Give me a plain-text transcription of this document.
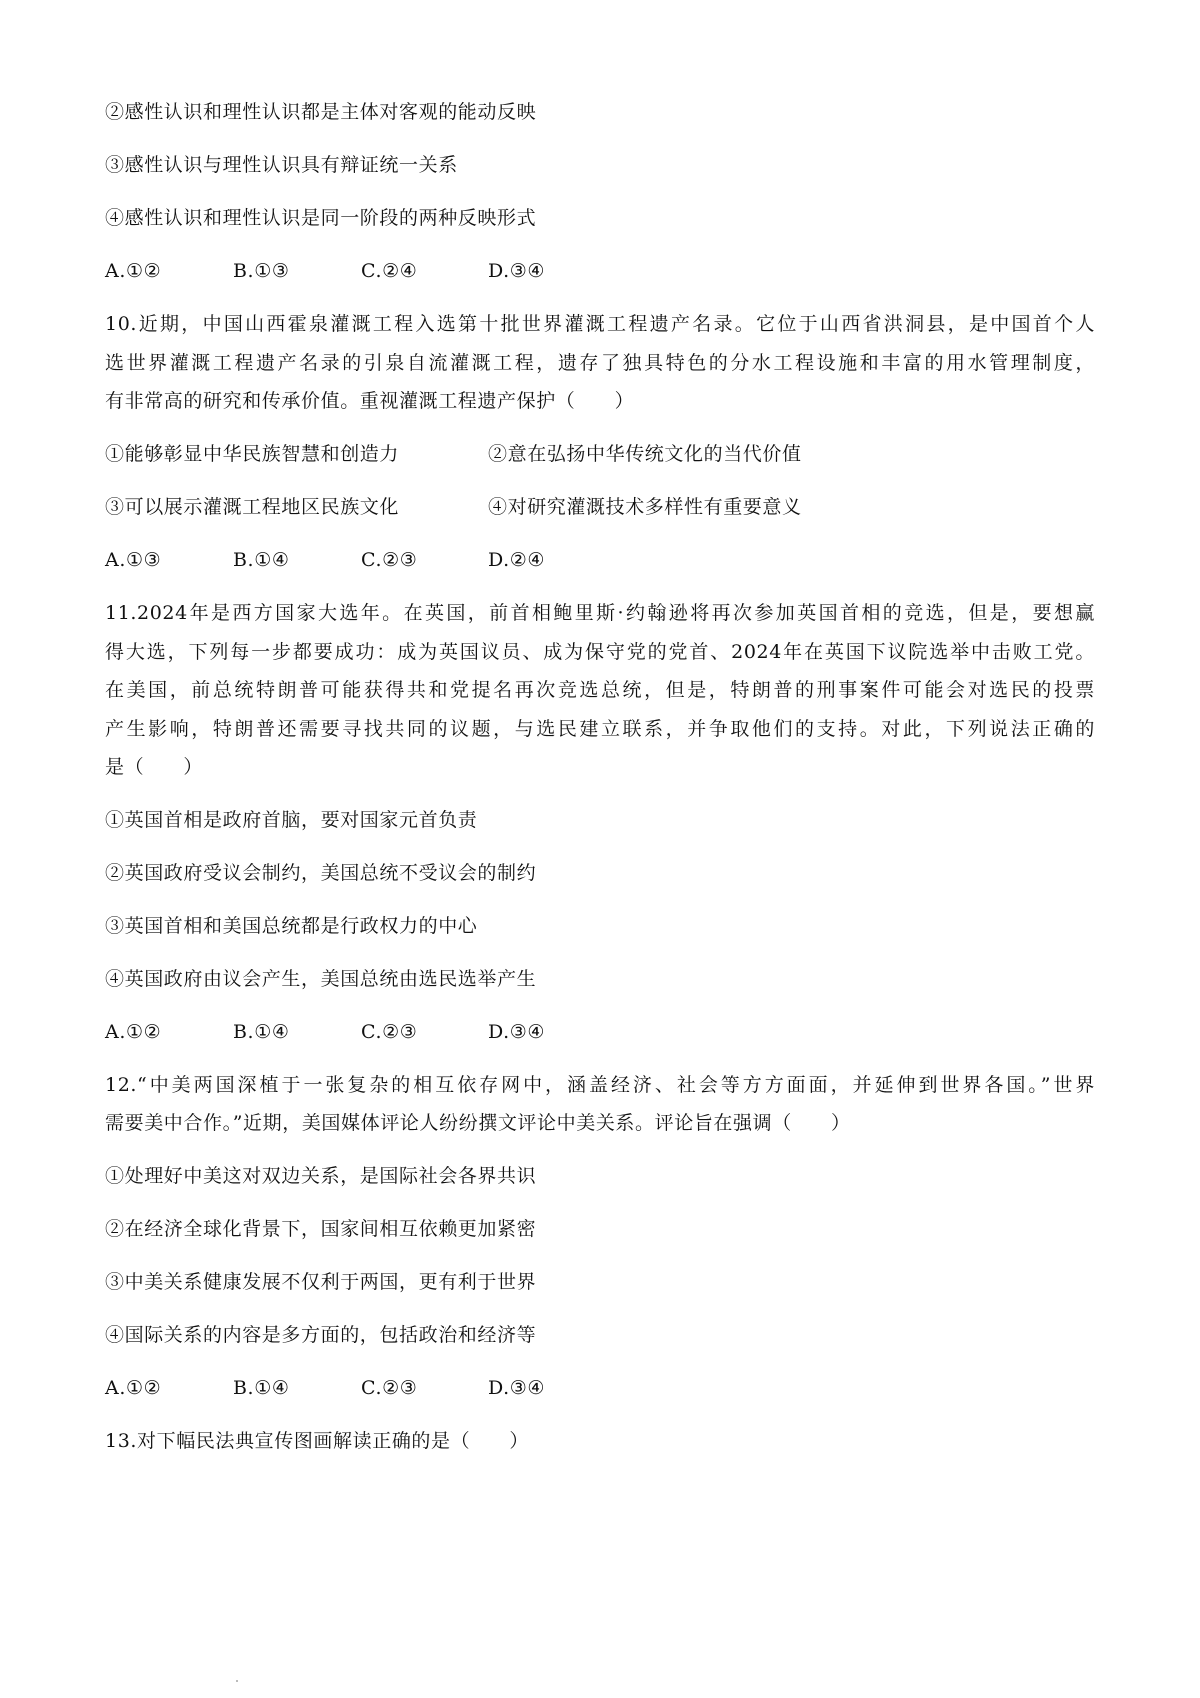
②感性认识和理性认识都是主体对客观的能动反映
③感性认识与理性认识具有辩证统一关系
④感性认识和理性认识是同一阶段的两种反映形式
A.①②	B.①③	C.②④	D.③④
10.近期，中国山西霍泉灌溉工程入选第十批世界灌溉工程遗产名录。它位于山西省洪洞县，是中国首个人
选世界灌溉工程遗产名录的引泉自流灌溉工程，遗存了独具特色的分水工程设施和丰富的用水管理制度，
有非常高的研究和传承价值。重视灌溉工程遗产保护（　　）
①能够彰显中华民族智慧和创造力	②意在弘扬中华传统文化的当代价值
③可以展示灌溉工程地区民族文化	④对研究灌溉技术多样性有重要意义
A.①③	B.①④	C.②③	D.②④
11.2024年是西方国家大选年。在英国，前首相鲍里斯·约翰逊将再次参加英国首相的竞选，但是，要想赢
得大选，下列每一步都要成功：成为英国议员、成为保守党的党首、2024年在英国下议院选举中击败工党。
在美国，前总统特朗普可能获得共和党提名再次竞选总统，但是，特朗普的刑事案件可能会对选民的投票
产生影响，特朗普还需要寻找共同的议题，与选民建立联系，并争取他们的支持。对此，下列说法正确的
是（　　）
①英国首相是政府首脑，要对国家元首负责
②英国政府受议会制约，美国总统不受议会的制约
③英国首相和美国总统都是行政权力的中心
④英国政府由议会产生，美国总统由选民选举产生
A.①②	B.①④	C.②③	D.③④
12.“中美两国深植于一张复杂的相互依存网中，涵盖经济、社会等方方面面，并延伸到世界各国。”世界
需要美中合作。”近期，美国媒体评论人纷纷撰文评论中美关系。评论旨在强调（　　）
①处理好中美这对双边关系，是国际社会各界共识
②在经济全球化背景下，国家间相互依赖更加紧密
③中美关系健康发展不仅利于两国，更有利于世界
④国际关系的内容是多方面的，包括政治和经济等
A.①②	B.①④	C.②③	D.③④
13.对下幅民法典宣传图画解读正确的是（　　）
